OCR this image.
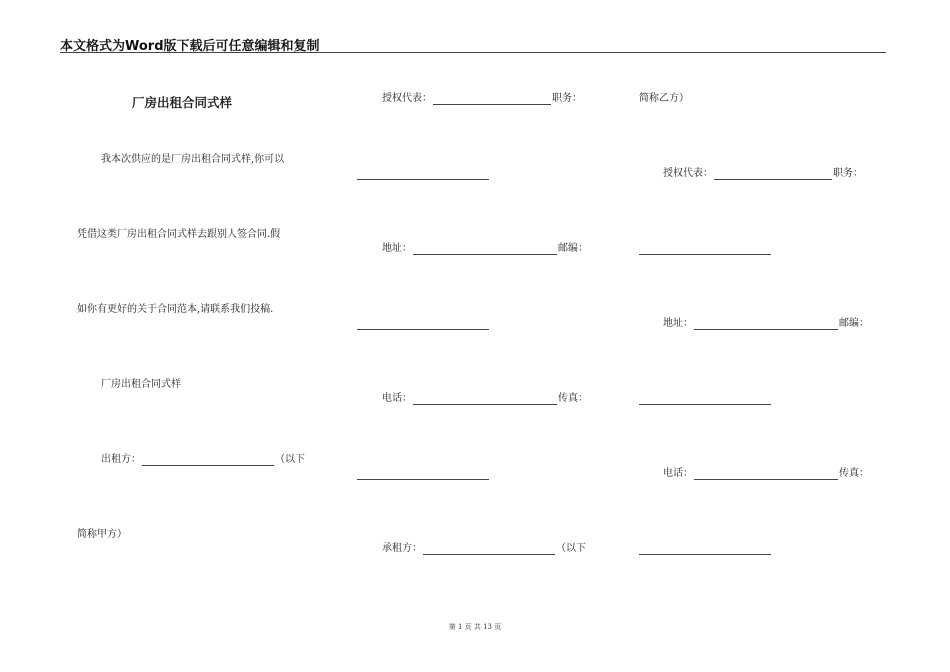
本文格式为Word版下载后可任意编辑和复制
厂房出租合同式样
我本次供应的是厂房出租合同式样,你可以
凭借这类厂房出租合同式样去跟别人签合同.假
如你有更好的关于合同范本,请联系我们投稿.
厂房出租合同式样
出租方：	（以下
简称甲方）
授权代表：	职务：
地址：	邮编：
电话：	传真：
承租方：	（以下
简称乙方）
授权代表：	职务：
地址：	邮编：
电话：	传真：
第 1 页 共 13 页
